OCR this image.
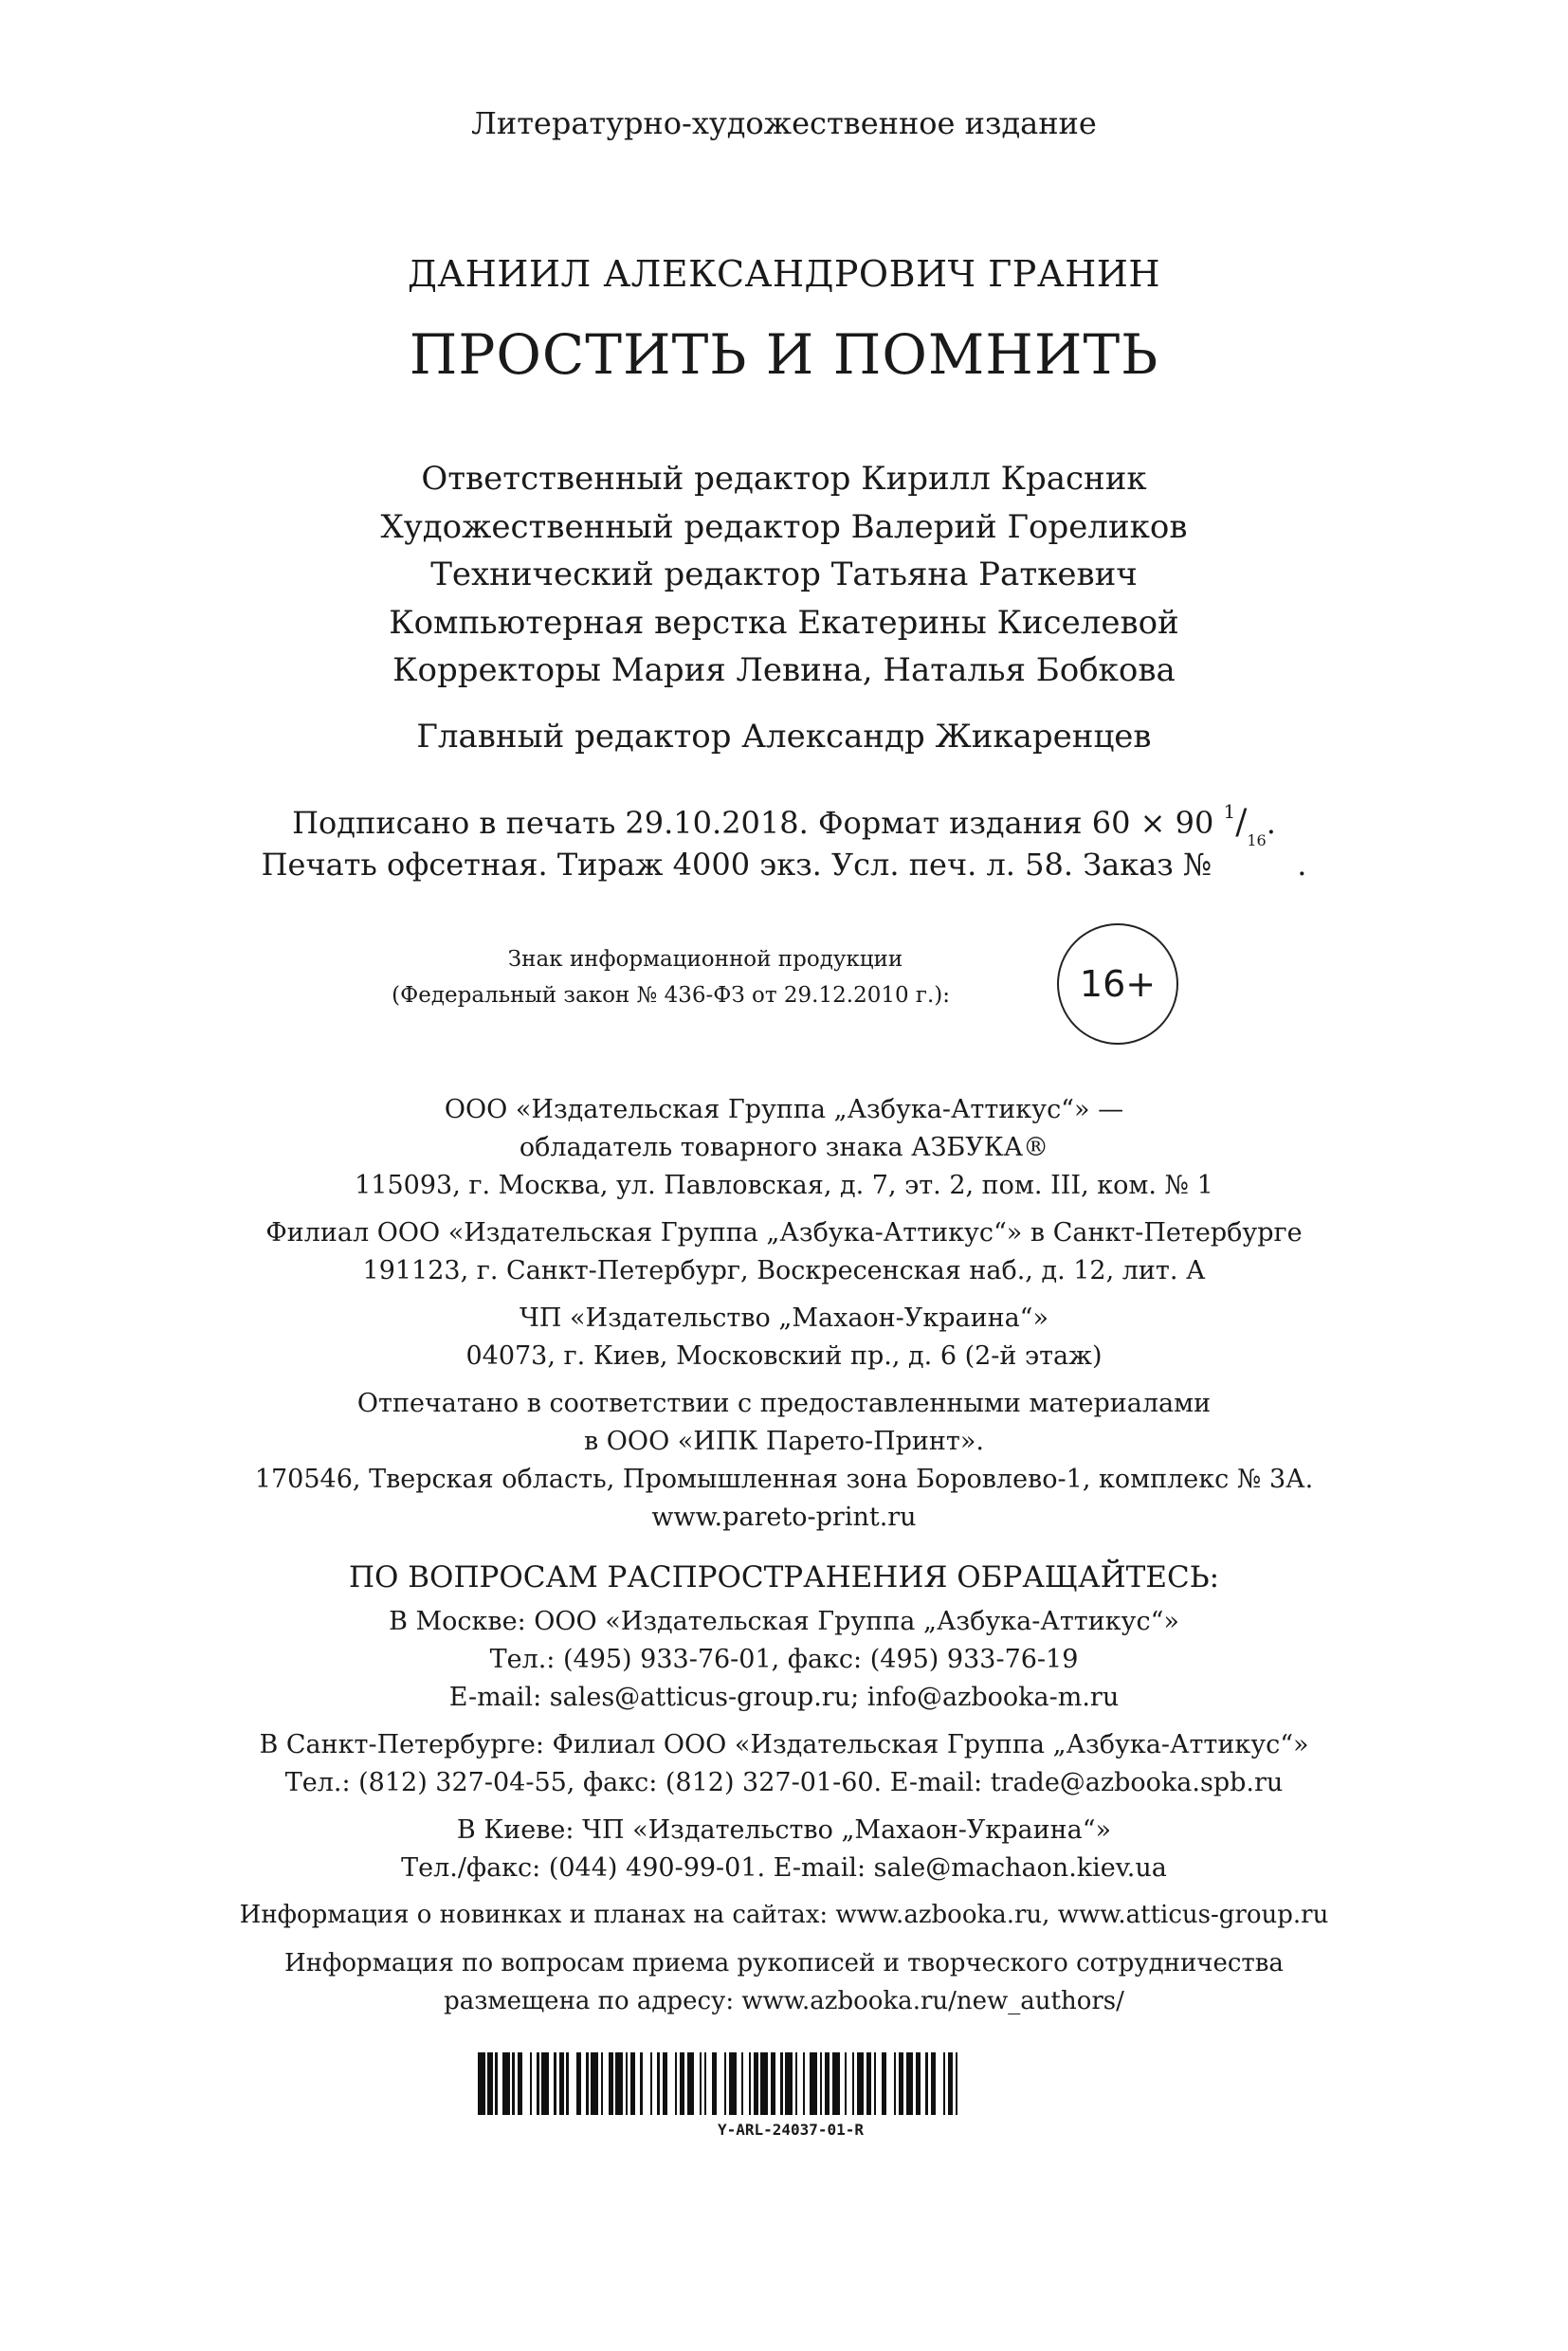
Литературно-художественное издание
ДАНИИЛ АЛЕКСАНДРОВИЧ ГРАНИН
ПРОСТИТЬ И ПОМНИТЬ
Ответственный редактор Кирилл Красник
Художественный редактор Валерий Гореликов
Технический редактор Татьяна Раткевич
Компьютерная верстка Екатерины Киселевой
Корректоры Мария Левина, Наталья Бобкова
Главный редактор Александр Жикаренцев
Подписано в печать 29.10.2018. Формат издания 60 × 90 $^1/_{16}$.
Печать офсетная. Тираж 4000 экз. Усл. печ. л. 58. Заказ №	.
Знак информационной продукции
(Федеральный закон № 436-ФЗ от 29.12.2010 г.):	16+
ООО «Издательская Группа „Азбука-Аттикус“» —
обладатель товарного знака АЗБУКА®
115093, г. Москва, ул. Павловская, д. 7, эт. 2, пом. III, ком. № 1
Филиал ООО «Издательская Группа „Азбука-Аттикус“» в Санкт-Петербурге
191123, г. Санкт-Петербург, Воскресенская наб., д. 12, лит. А
ЧП «Издательство „Махаон-Украина“»
04073, г. Киев, Московский пр., д. 6 (2-й этаж)
Отпечатано в соответствии с предоставленными материалами
в ООО «ИПК Парето-Принт».
170546, Тверская область, Промышленная зона Боровлево-1, комплекс № 3А.
www.pareto-print.ru
ПО ВОПРОСАМ РАСПРОСТРАНЕНИЯ ОБРАЩАЙТЕСЬ:
В Москве: ООО «Издательская Группа „Азбука-Аттикус“»
Тел.: (495) 933-76-01, факс: (495) 933-76-19
E-mail: sales@atticus-group.ru; info@azbooka-m.ru
В Санкт-Петербурге: Филиал ООО «Издательская Группа „Азбука-Аттикус“»
Тел.: (812) 327-04-55, факс: (812) 327-01-60. E-mail: trade@azbooka.spb.ru
В Киеве: ЧП «Издательство „Махаон-Украина“»
Тел./факс: (044) 490-99-01. E-mail: sale@machaon.kiev.ua
Информация о новинках и планах на сайтах: www.azbooka.ru, www.atticus-group.ru
Информация по вопросам приема рукописей и творческого сотрудничества
размещена по адресу: www.azbooka.ru/new_authors/
Y-ARL-24037-01-R
